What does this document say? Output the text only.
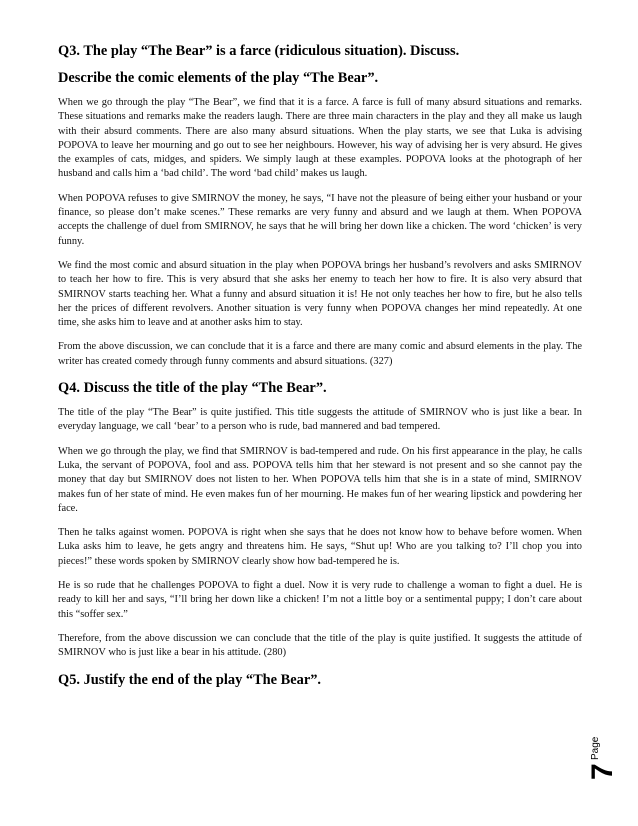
Q3. The play “The Bear” is a farce (ridiculous situation). Discuss.
Describe the comic elements of the play “The Bear”.

When we go through the play “The Bear”, we find that it is a farce. A farce is full of many absurd situations and remarks. These situations and remarks make the readers laugh. There are three main characters in the play and they all make us laugh with their absurd comments. There are also many absurd situations. When the play starts, we see that Luka is advising POPOVA to leave her mourning and go out to see her neighbours. However, his way of advising her is very absurd. He gives the examples of cats, midges, and spiders. We simply laugh at these examples. POPOVA looks at the photograph of her husband and calls him a ‘bad child’. The word ‘bad child’ makes us laugh.

When POPOVA refuses to give SMIRNOV the money, he says, “I have not the pleasure of being either your husband or your finance, so please don’t make scenes.” These remarks are very funny and absurd and we laugh at them. When POPOVA accepts the challenge of duel from SMIRNOV, he says that he will bring her down like a chicken. The word ‘chicken’ is very funny.

We find the most comic and absurd situation in the play when POPOVA brings her husband’s revolvers and asks SMIRNOV to teach her how to fire. This is very absurd that she asks her enemy to teach her how to fire. It is also very absurd that SMIRNOV starts teaching her. What a funny and absurd situation it is! He not only teaches her how to fire, but he also tells her the prices of different revolvers. Another situation is very funny when POPOVA changes her mind repeatedly. At one time, she asks him to leave and at another asks him to stay.

From the above discussion, we can conclude that it is a farce and there are many comic and absurd elements in the play. The writer has created comedy through funny comments and absurd situations. (327)

Q4. Discuss the title of the play “The Bear”.

The title of the play “The Bear” is quite justified. This title suggests the attitude of SMIRNOV who is just like a bear. In everyday language, we call ‘bear’ to a person who is rude, bad mannered and bad tempered.

When we go through the play, we find that SMIRNOV is bad-tempered and rude. On his first appearance in the play, he calls Luka, the servant of POPOVA, fool and ass. POPOVA tells him that her steward is not present and so she cannot pay the money that day but SMIRNOV does not listen to her. When POPOVA tells him that she is in a state of mind, SMIRNOV makes fun of her state of mind. He even makes fun of her mourning. He makes fun of her wearing lipstick and powdering her face.

Then he talks against women. POPOVA is right when she says that he does not know how to behave before women. When Luka asks him to leave, he gets angry and threatens him. He says, “Shut up! Who are you talking to? I’ll chop you into pieces!” these words spoken by SMIRNOV clearly show how bad-tempered he is.

He is so rude that he challenges POPOVA to fight a duel. Now it is very rude to challenge a woman to fight a duel. He is ready to kill her and says, “I’ll bring her down like a chicken! I’m not a little boy or a sentimental puppy; I don’t care about this “soffer sex.”

Therefore, from the above discussion we can conclude that the title of the play is quite justified. It suggests the attitude of SMIRNOV who is just like a bear in his attitude. (280)

Q5. Justify the end of the play “The Bear”.
Page
7
